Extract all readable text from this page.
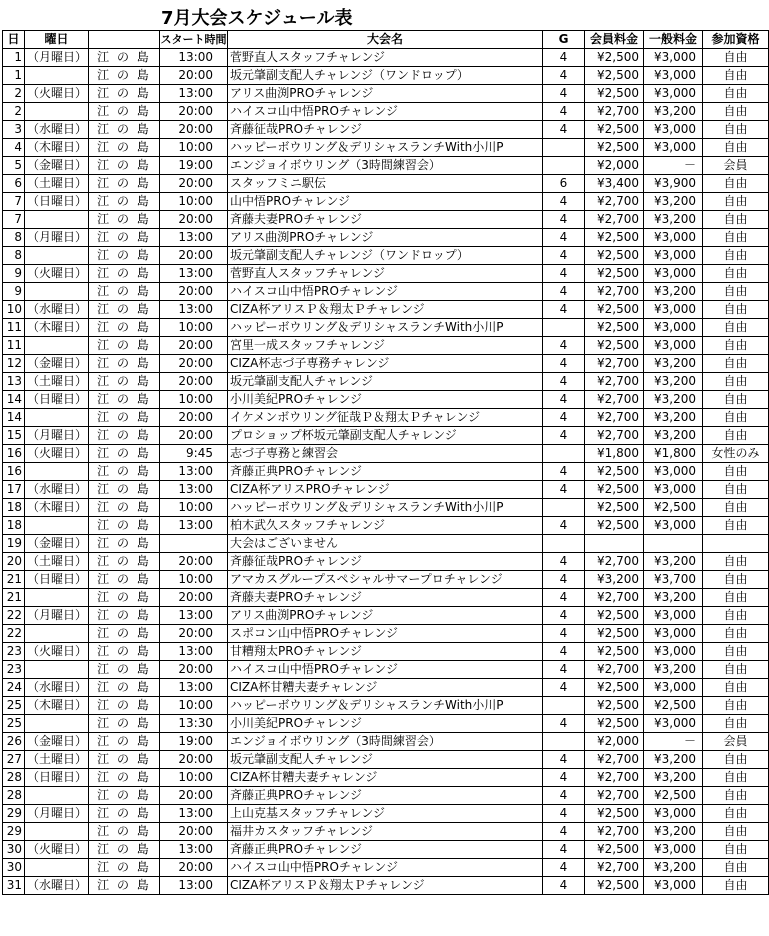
7月大会スケジュール表
日	曜日		スタート時間	大会名	G	会員料金	一般料金	参加資格
1	（月曜日）	江 の 島	13:00	菅野直人スタッフチャレンジ	4	¥2,500	¥3,000	自由
1		江 の 島	20:00	坂元肇副支配人チャレンジ（ワンドロップ）	4	¥2,500	¥3,000	自由
2	（火曜日）	江 の 島	13:00	アリス曲渕PROチャレンジ	4	¥2,500	¥3,000	自由
2		江 の 島	20:00	ハイスコ山中悟PROチャレンジ	4	¥2,700	¥3,200	自由
3	（水曜日）	江 の 島	20:00	斉藤征哉PROチャレンジ	4	¥2,500	¥3,000	自由
4	（木曜日）	江 の 島	10:00	ハッピーボウリング＆デリシャスランチWith小川P		¥2,500	¥3,000	自由
5	（金曜日）	江 の 島	19:00	エンジョイボウリング（3時間練習会）		¥2,000	－	会員
6	（土曜日）	江 の 島	20:00	スタッフミニ駅伝	6	¥3,400	¥3,900	自由
7	（日曜日）	江 の 島	10:00	山中悟PROチャレンジ	4	¥2,700	¥3,200	自由
7		江 の 島	20:00	斉藤夫妻PROチャレンジ	4	¥2,700	¥3,200	自由
8	（月曜日）	江 の 島	13:00	アリス曲渕PROチャレンジ	4	¥2,500	¥3,000	自由
8		江 の 島	20:00	坂元肇副支配人チャレンジ（ワンドロップ）	4	¥2,500	¥3,000	自由
9	（火曜日）	江 の 島	13:00	菅野直人スタッフチャレンジ	4	¥2,500	¥3,000	自由
9		江 の 島	20:00	ハイスコ山中悟PROチャレンジ	4	¥2,700	¥3,200	自由
10	（水曜日）	江 の 島	13:00	CIZA杯アリスＰ＆翔太Ｐチャレンジ	4	¥2,500	¥3,000	自由
11	（木曜日）	江 の 島	10:00	ハッピーボウリング＆デリシャスランチWith小川P		¥2,500	¥3,000	自由
11		江 の 島	20:00	宮里一成スタッフチャレンジ	4	¥2,500	¥3,000	自由
12	（金曜日）	江 の 島	20:00	CIZA杯志づ子専務チャレンジ	4	¥2,700	¥3,200	自由
13	（土曜日）	江 の 島	20:00	坂元肇副支配人チャレンジ	4	¥2,700	¥3,200	自由
14	（日曜日）	江 の 島	10:00	小川美紀PROチャレンジ	4	¥2,700	¥3,200	自由
14		江 の 島	20:00	イケメンボウリング征哉Ｐ＆翔太Ｐチャレンジ	4	¥2,700	¥3,200	自由
15	（月曜日）	江 の 島	20:00	プロショップ杯坂元肇副支配人チャレンジ	4	¥2,700	¥3,200	自由
16	（火曜日）	江 の 島	9:45	志づ子専務と練習会		¥1,800	¥1,800	女性のみ
16		江 の 島	13:00	斉藤正典PROチャレンジ	4	¥2,500	¥3,000	自由
17	（水曜日）	江 の 島	13:00	CIZA杯アリスPROチャレンジ	4	¥2,500	¥3,000	自由
18	（木曜日）	江 の 島	10:00	ハッピーボウリング＆デリシャスランチWith小川P		¥2,500	¥2,500	自由
18		江 の 島	13:00	柏木武久スタッフチャレンジ	4	¥2,500	¥3,000	自由
19	（金曜日）	江 の 島		大会はございません				
20	（土曜日）	江 の 島	20:00	斉藤征哉PROチャレンジ	4	¥2,700	¥3,200	自由
21	（日曜日）	江 の 島	10:00	アマカスグループスペシャルサマープロチャレンジ	4	¥3,200	¥3,700	自由
21		江 の 島	20:00	斉藤夫妻PROチャレンジ	4	¥2,700	¥3,200	自由
22	（月曜日）	江 の 島	13:00	アリス曲渕PROチャレンジ	4	¥2,500	¥3,000	自由
22		江 の 島	20:00	スポコン山中悟PROチャレンジ	4	¥2,500	¥3,000	自由
23	（火曜日）	江 の 島	13:00	甘糟翔太PROチャレンジ	4	¥2,500	¥3,000	自由
23		江 の 島	20:00	ハイスコ山中悟PROチャレンジ	4	¥2,700	¥3,200	自由
24	（水曜日）	江 の 島	13:00	CIZA杯甘糟夫妻チャレンジ	4	¥2,500	¥3,000	自由
25	（木曜日）	江 の 島	10:00	ハッピーボウリング＆デリシャスランチWith小川P		¥2,500	¥2,500	自由
25		江 の 島	13:30	小川美紀PROチャレンジ	4	¥2,500	¥3,000	自由
26	（金曜日）	江 の 島	19:00	エンジョイボウリング（3時間練習会）		¥2,000	－	会員
27	（土曜日）	江 の 島	20:00	坂元肇副支配人チャレンジ	4	¥2,700	¥3,200	自由
28	（日曜日）	江 の 島	10:00	CIZA杯甘糟夫妻チャレンジ	4	¥2,700	¥3,200	自由
28		江 の 島	20:00	斉藤正典PROチャレンジ	4	¥2,700	¥2,500	自由
29	（月曜日）	江 の 島	13:00	上山克基スタッフチャレンジ	4	¥2,500	¥3,000	自由
29		江 の 島	20:00	福井カスタッフチャレンジ	4	¥2,700	¥3,200	自由
30	（火曜日）	江 の 島	13:00	斉藤正典PROチャレンジ	4	¥2,500	¥3,000	自由
30		江 の 島	20:00	ハイスコ山中悟PROチャレンジ	4	¥2,700	¥3,200	自由
31	（水曜日）	江 の 島	13:00	CIZA杯アリスＰ＆翔太Ｐチャレンジ	4	¥2,500	¥3,000	自由
